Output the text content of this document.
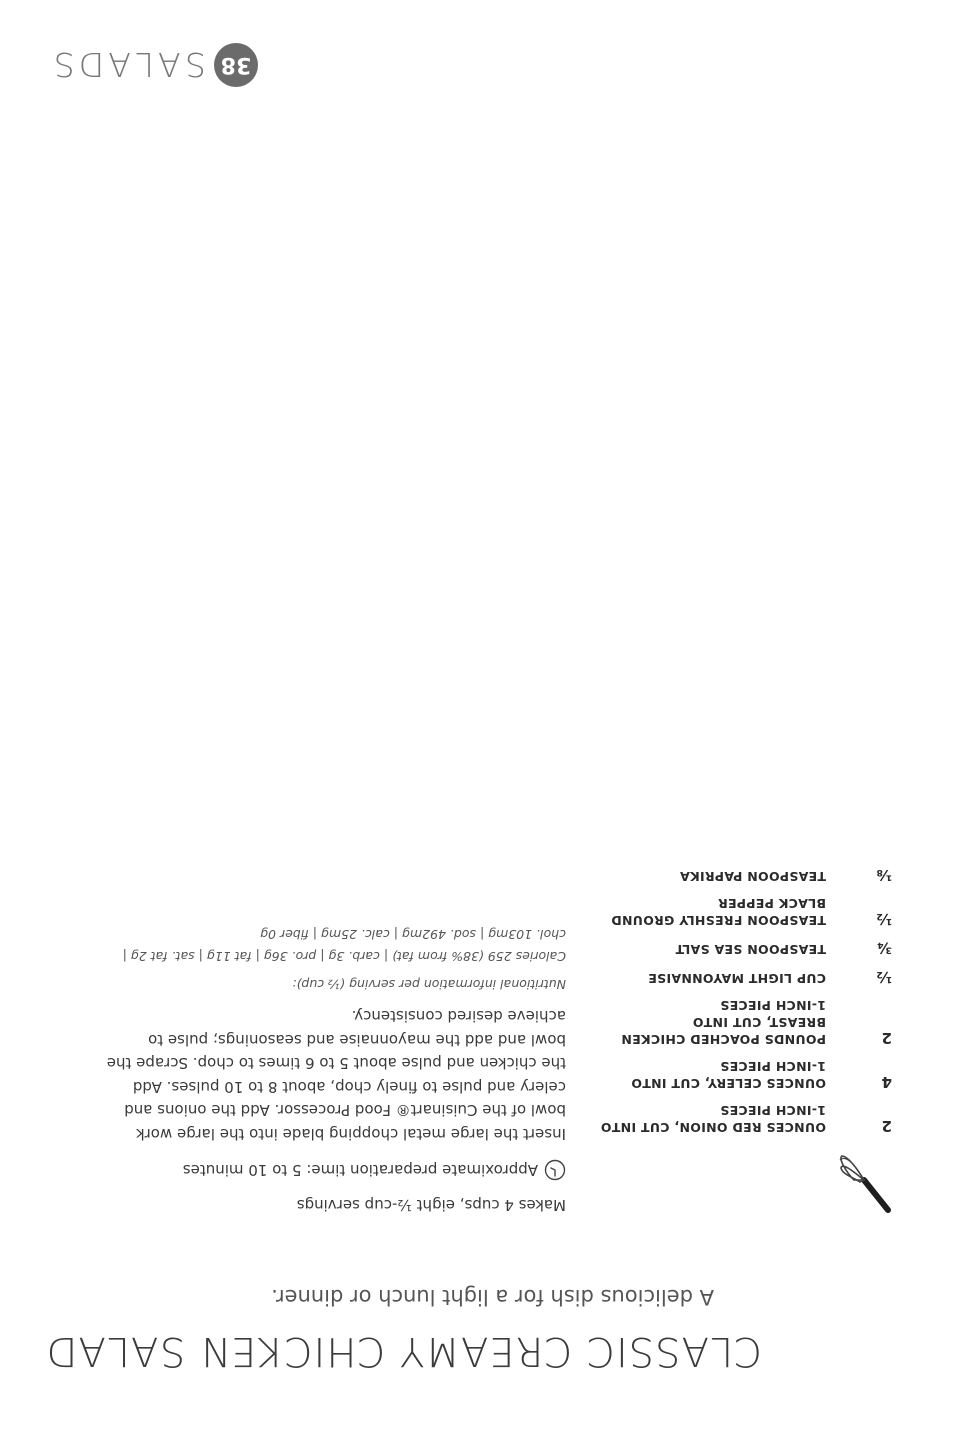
CLASSIC CREAMY CHICKEN SALAD
A delicious dish for a light lunch or dinner.
2
OUNCES RED ONION, CUT INTO
1-INCH PIECES
4
OUNCES CELERY, CUT INTO
1-INCH PIECES
2
POUNDS POACHED CHICKEN
BREAST, CUT INTO
1-INCH PIECES
½
CUP LIGHT MAYONNAISE
¾
TEASPOON SEA SALT
½
TEASPOON FRESHLY GROUND
BLACK PEPPER
⅛
TEASPOON PAPRIKA

Makes 4 cups, eight ½-cup servings

Approximate preparation time: 5 to 10 minutes

Insert the large metal chopping blade into the large work bowl of the Cuisinart® Food Processor. Add the onions and celery and pulse to finely chop, about 8 to 10 pulses. Add the chicken and pulse about 5 to 6 times to chop. Scrape the bowl and add the mayonnaise and seasonings; pulse to achieve desired consistency.

Nutritional information per serving (½ cup):

Calories 259 (38% from fat) | carb. 3g | pro. 36g | fat 11g | sat. fat 2g | chol. 103mg | sod. 492mg | calc. 25mg | fiber 0g

38
SALADS
